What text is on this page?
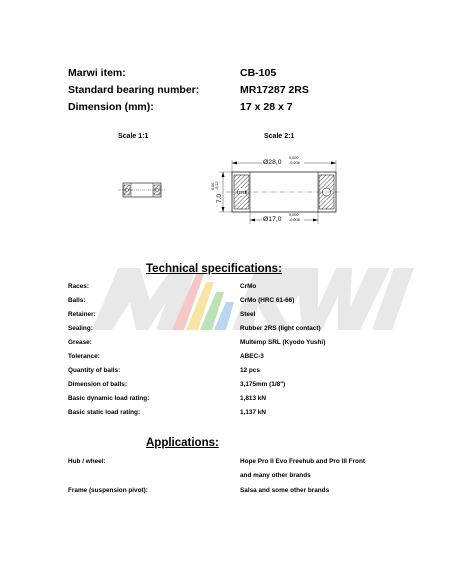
Marwi item:	CB-105
Standard bearing number:	MR17287 2RS
Dimension (mm):	17 x 28 x 7
Scale 1:1	Scale 2:1
2RS
Ø28,0
0,000
-0,008
Ø17,0
0,000
-0,008
7,0
0,00 -0,12
Technical specifications:
Races:	CrMo
Balls:	CrMo (HRC 61-66)
Retainer:	Steel
Sealing:	Rubber 2RS (light contact)
Grease:	Multemp SRL (Kyodo Yushi)
Tolerance:	ABEC-3
Quantity of balls:	12 pcs
Dimension of balls:	3,175mm (1/8")
Basic dynamic load rating:	1,813 kN
Basic static load rating:	1,137 kN
Applications:
Hub / wheel:	Hope Pro II Evo Freehub and Pro III Front
and many other brands
Frame (suspension pivot):	Salsa and some other brands
